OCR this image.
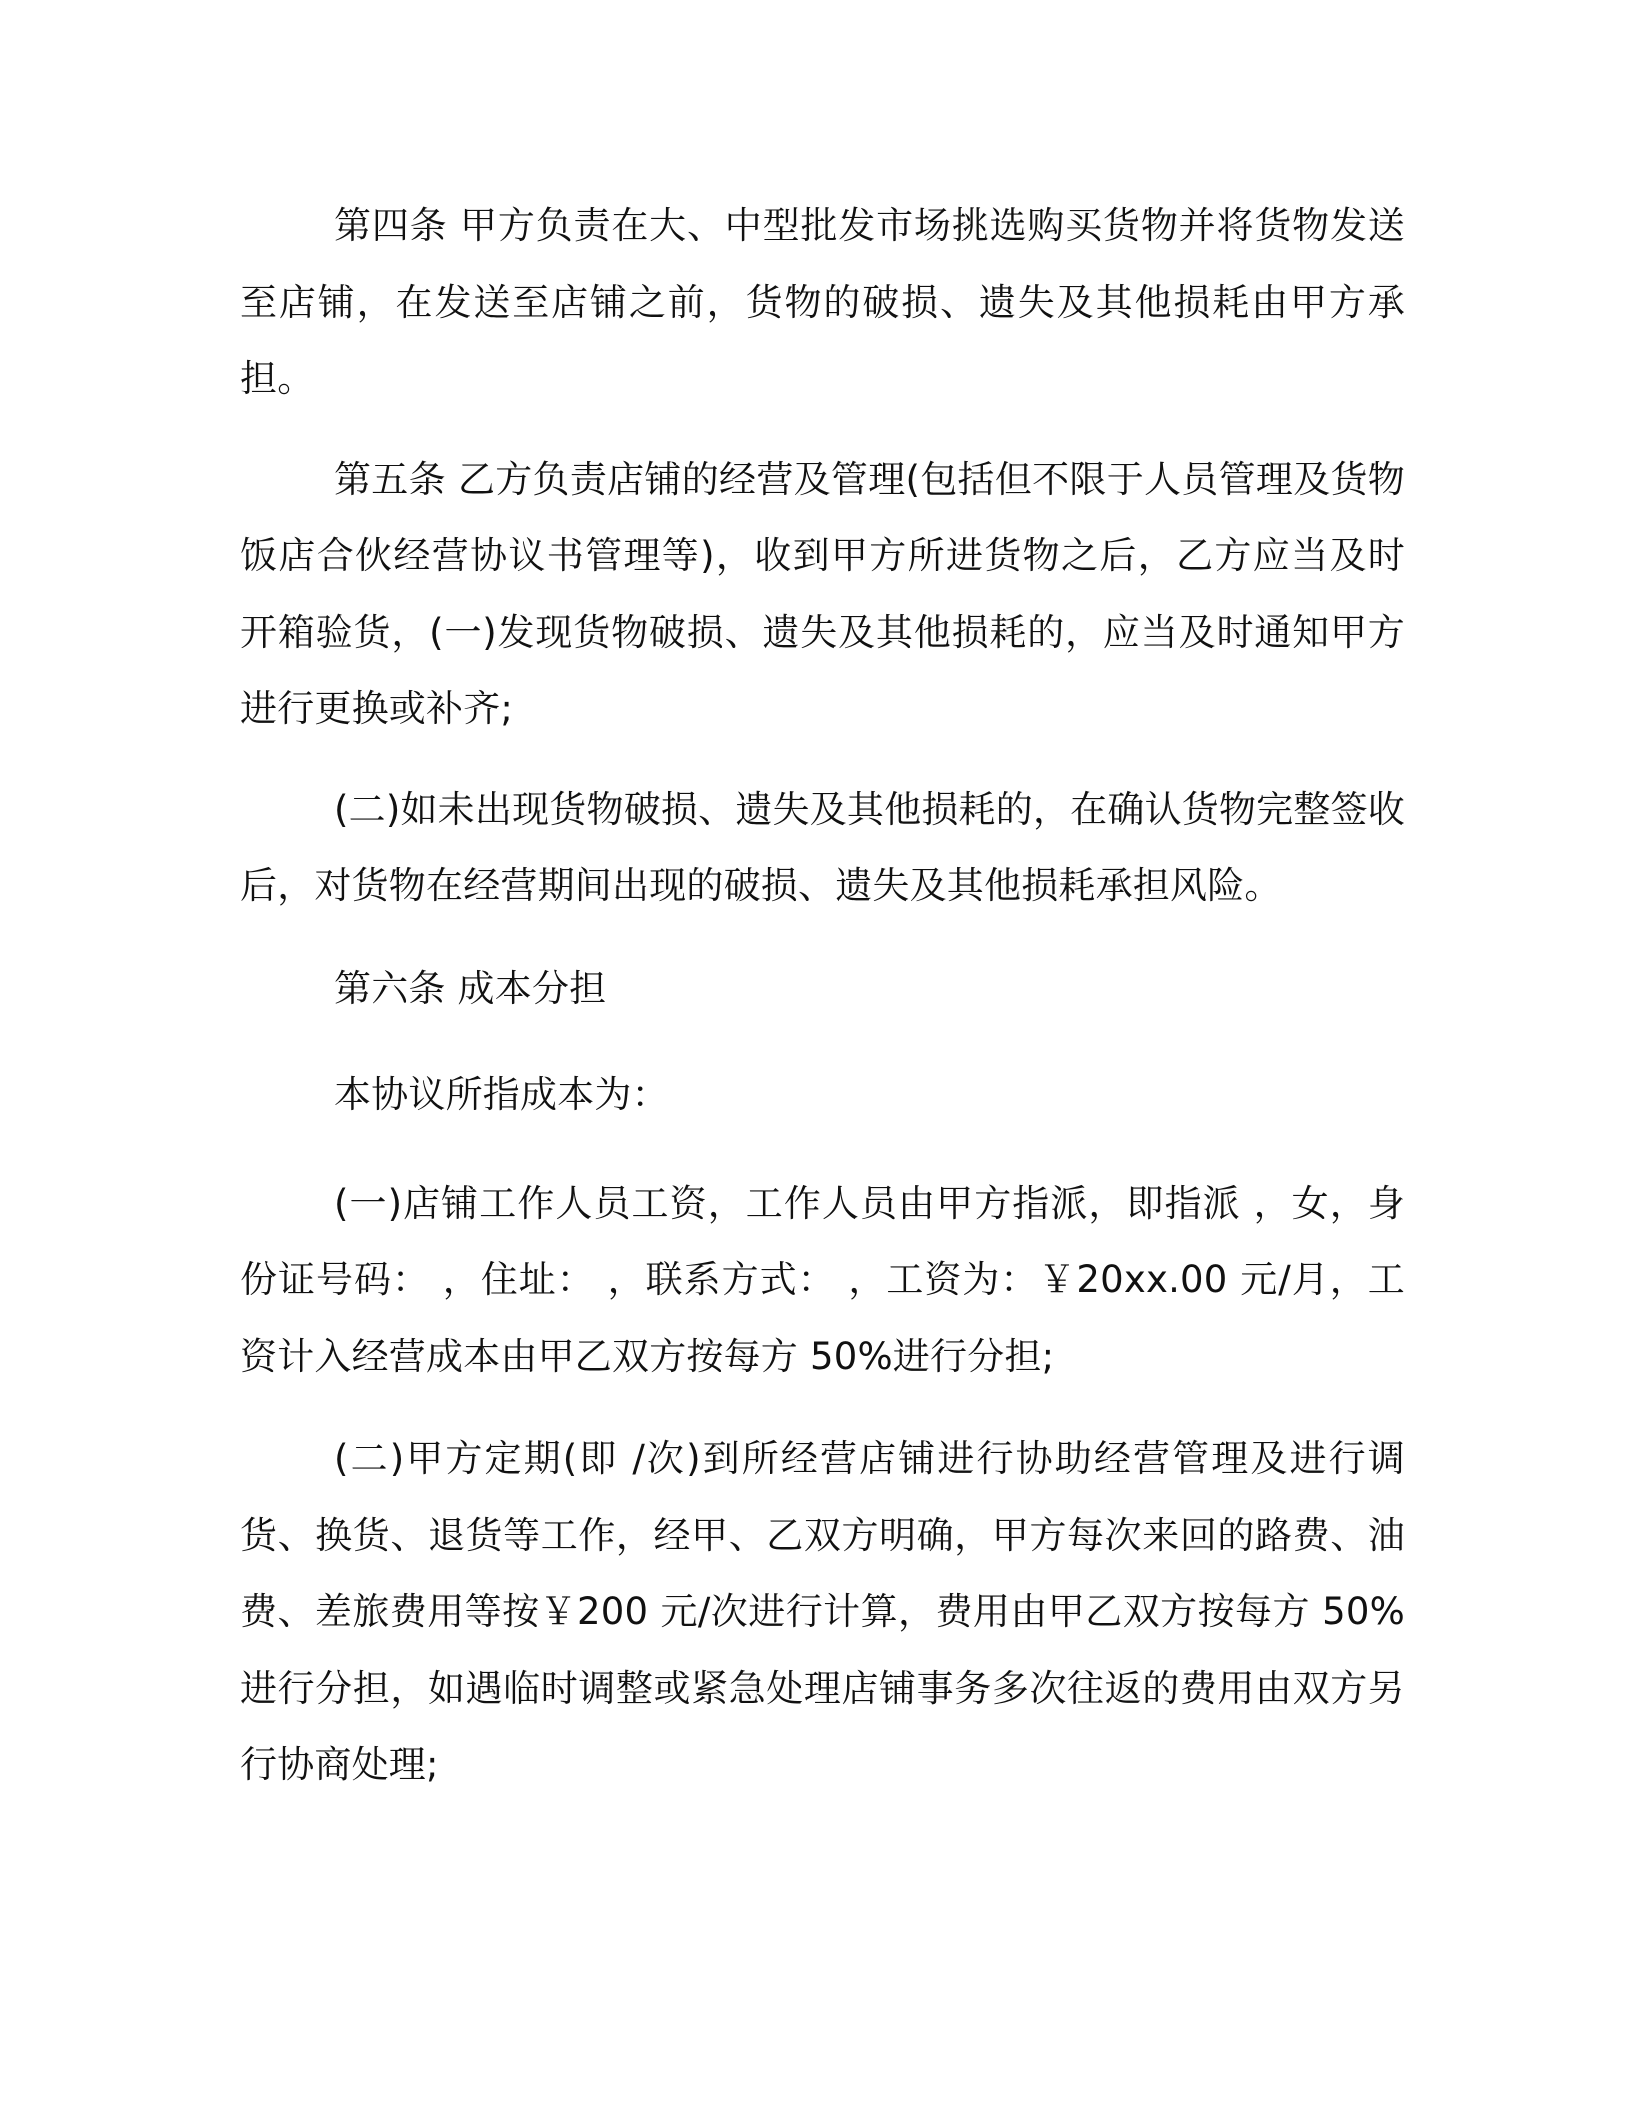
第四条 甲方负责在大、中型批发市场挑选购买货物并将货物发送至店铺，在发送至店铺之前，货物的破损、遗失及其他损耗由甲方承担。

第五条 乙方负责店铺的经营及管理(包括但不限于人员管理及货物饭店合伙经营协议书管理等)，收到甲方所进货物之后，乙方应当及时开箱验货，(一)发现货物破损、遗失及其他损耗的，应当及时通知甲方进行更换或补齐;

(二)如未出现货物破损、遗失及其他损耗的，在确认货物完整签收后，对货物在经营期间出现的破损、遗失及其他损耗承担风险。

第六条 成本分担

本协议所指成本为：

(一)店铺工作人员工资，工作人员由甲方指派，即指派 ，女，身份证号码： ，住址： ，联系方式： ，工资为：￥20xx.00 元/月，工资计入经营成本由甲乙双方按每方 50%进行分担;

(二)甲方定期(即 /次)到所经营店铺进行协助经营管理及进行调货、换货、退货等工作，经甲、乙双方明确，甲方每次来回的路费、油费、差旅费用等按￥200 元/次进行计算，费用由甲乙双方按每方 50%进行分担，如遇临时调整或紧急处理店铺事务多次往返的费用由双方另行协商处理;
